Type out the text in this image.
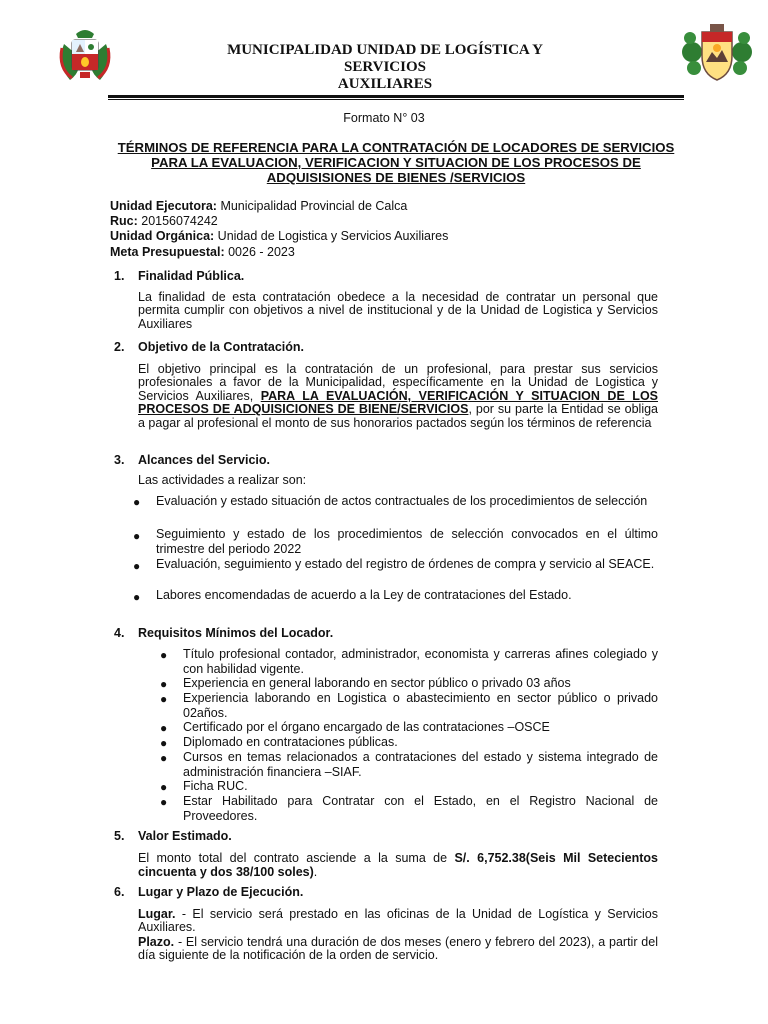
MUNICIPALIDAD UNIDAD DE LOGÍSTICA Y SERVICIOS
AUXILIARES
Formato N° 03
TÉRMINOS DE REFERENCIA PARA LA CONTRATACIÓN DE LOCADORES DE SERVICIOS PARA LA EVALUACION, VERIFICACION Y SITUACION DE LOS PROCESOS DE ADQUISISIONES DE BIENES /SERVICIOS
Unidad Ejecutora: Municipalidad Provincial de Calca
Ruc: 20156074242
Unidad Orgánica: Unidad de Logistica y Servicios Auxiliares
Meta Presupuestal: 0026 - 2023
1. Finalidad Pública.
La finalidad de esta contratación obedece a la necesidad de contratar un personal que permita cumplir con objetivos a nivel de institucional y de la Unidad de Logistica y Servicios Auxiliares
2. Objetivo de la Contratación.
El objetivo principal es la contratación de un profesional, para prestar sus servicios profesionales a favor de la Municipalidad, específicamente en la Unidad de Logistica y Servicios Auxiliares, PARA LA EVALUACIÓN, VERIFICACIÓN Y SITUACION DE LOS PROCESOS DE ADQUISICIONES DE BIENE/SERVICIOS, por su parte la Entidad se obliga a pagar al profesional el monto de sus honorarios pactados según los términos de referencia
3. Alcances del Servicio.
Las actividades a realizar son:
● Evaluación y estado situación de actos contractuales de los procedimientos de selección
● Seguimiento y estado de los procedimientos de selección convocados en el último trimestre del periodo 2022
● Evaluación, seguimiento y estado del registro de órdenes de compra y servicio al SEACE.
● Labores encomendadas de acuerdo a la Ley de contrataciones del Estado.
4. Requisitos Mínimos del Locador.
● Título profesional contador, administrador, economista y carreras afines colegiado y con habilidad vigente.
● Experiencia en general laborando en sector público o privado 03 años
● Experiencia laborando en Logistica o abastecimiento en sector público o privado 02años.
● Certificado por el órgano encargado de las contrataciones –OSCE
● Diplomado en contrataciones públicas.
● Cursos en temas relacionados a contrataciones del estado y sistema integrado de administración financiera –SIAF.
● Ficha RUC.
● Estar Habilitado para Contratar con el Estado, en el Registro Nacional de Proveedores.
5. Valor Estimado.
El monto total del contrato asciende a la suma de S/. 6,752.38(Seis Mil Setecientos cincuenta y dos 38/100 soles).
6. Lugar y Plazo de Ejecución.
Lugar. - El servicio será prestado en las oficinas de la Unidad de Logística y Servicios Auxiliares.
Plazo. - El servicio tendrá una duración de dos meses (enero y febrero del 2023), a partir del día siguiente de la notificación de la orden de servicio.
